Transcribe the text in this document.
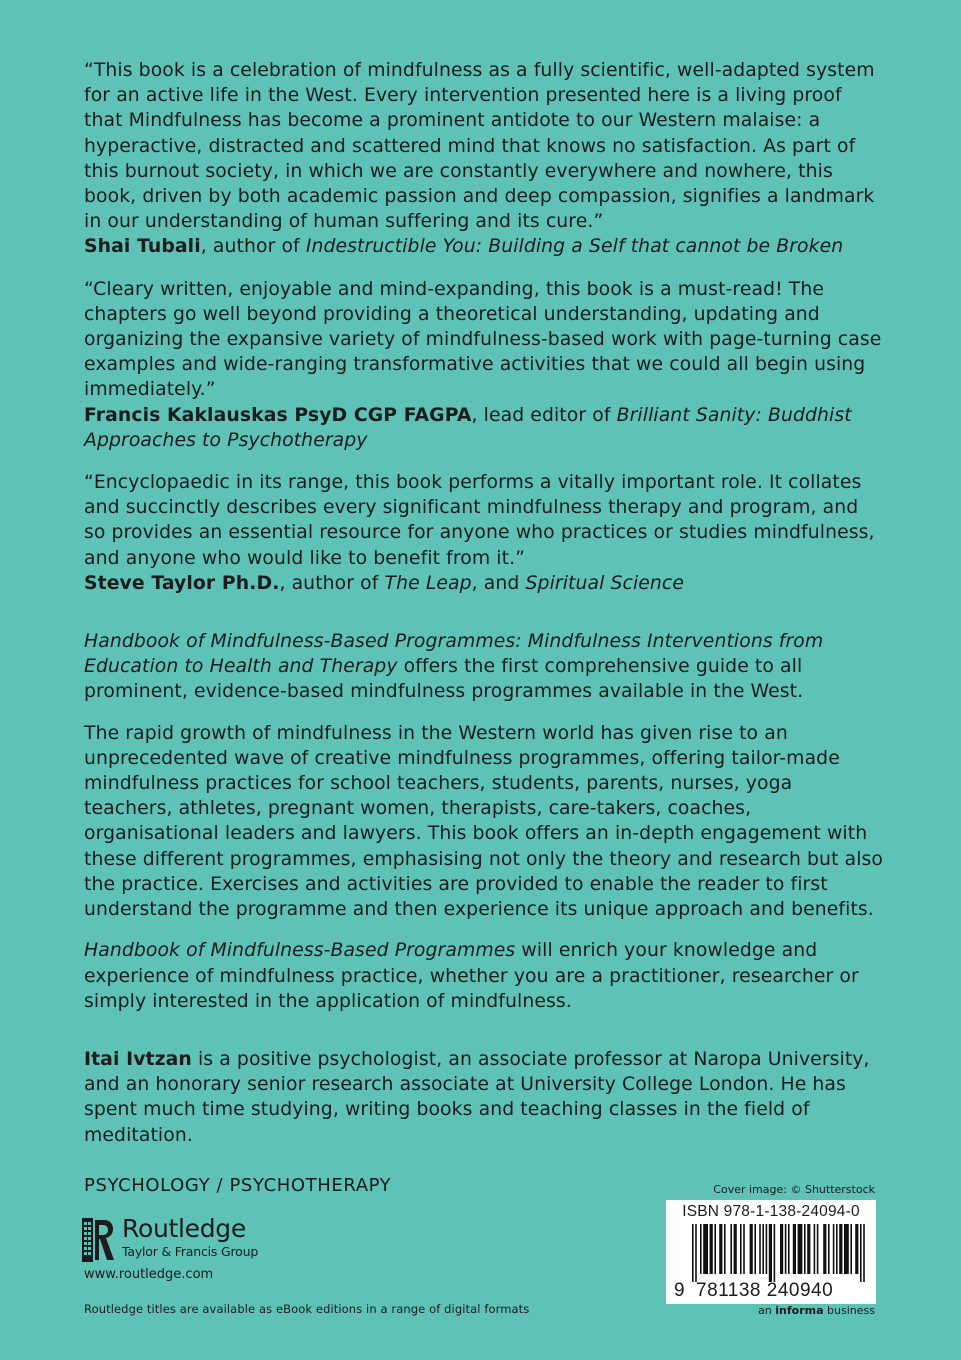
“This book is a celebration of mindfulness as a fully scientific, well-adapted system for an active life in the West. Every intervention presented here is a living proof that Mindfulness has become a prominent antidote to our Western malaise: a hyperactive, distracted and scattered mind that knows no satisfaction. As part of this burnout society, in which we are constantly everywhere and nowhere, this book, driven by both academic passion and deep compassion, signifies a landmark in our understanding of human suffering and its cure.”

Shai Tubali, author of Indestructible You: Building a Self that cannot be Broken

“Cleary written, enjoyable and mind-expanding, this book is a must-read! The chapters go well beyond providing a theoretical understanding, updating and organizing the expansive variety of mindfulness-based work with page-turning case examples and wide-ranging transformative activities that we could all begin using immediately.”

Francis Kaklauskas PsyD CGP FAGPA, lead editor of Brilliant Sanity: Buddhist Approaches to Psychotherapy

“Encyclopaedic in its range, this book performs a vitally important role. It collates and succinctly describes every significant mindfulness therapy and program, and so provides an essential resource for anyone who practices or studies mindfulness, and anyone who would like to benefit from it.”

Steve Taylor Ph.D., author of The Leap, and Spiritual Science

Handbook of Mindfulness-Based Programmes: Mindfulness Interventions from Education to Health and Therapy offers the first comprehensive guide to all prominent, evidence-based mindfulness programmes available in the West.

The rapid growth of mindfulness in the Western world has given rise to an unprecedented wave of creative mindfulness programmes, offering tailor-made mindfulness practices for school teachers, students, parents, nurses, yoga teachers, athletes, pregnant women, therapists, care-takers, coaches, organisational leaders and lawyers. This book offers an in-depth engagement with these different programmes, emphasising not only the theory and research but also the practice. Exercises and activities are provided to enable the reader to first understand the programme and then experience its unique approach and benefits.

Handbook of Mindfulness-Based Programmes will enrich your knowledge and experience of mindfulness practice, whether you are a practitioner, researcher or simply interested in the application of mindfulness.

Itai Ivtzan is a positive psychologist, an associate professor at Naropa University, and an honorary senior research associate at University College London. He has spent much time studying, writing books and teaching classes in the field of meditation.

PSYCHOLOGY / PSYCHOTHERAPY
Routledge
Taylor & Francis Group
www.routledge.com
Routledge titles are available as eBook editions in a range of digital formats
Cover image: © Shutterstock
ISBN 978-1-138-24094-0
9 781138 240940
an informa business
